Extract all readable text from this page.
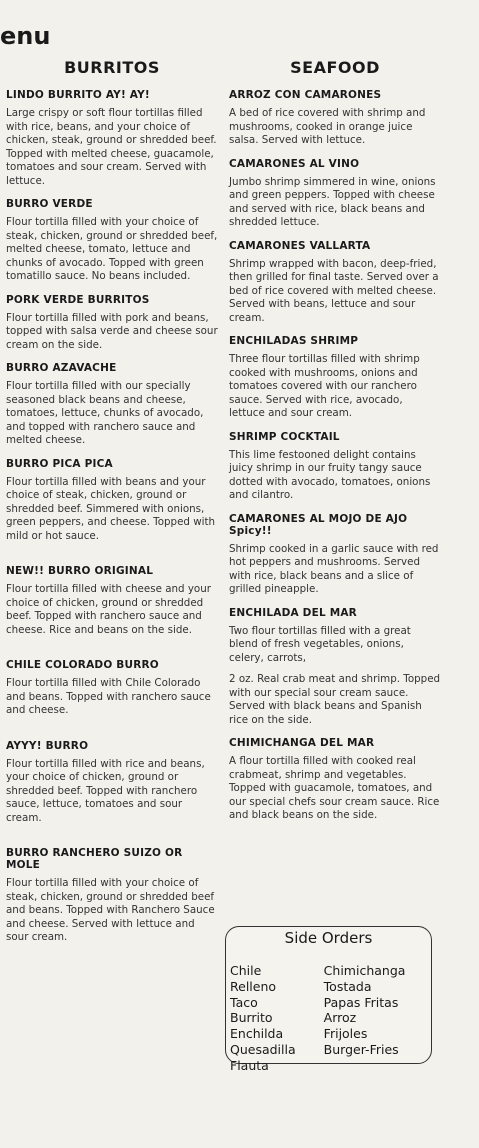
enu
BURRITOS
LINDO BURRITO AY! AY!

Large crispy or soft flour tortillas filled with rice, beans, and your choice of chicken, steak, ground or shredded beef. Topped with melted cheese, guacamole, tomatoes and sour cream. Served with lettuce.

BURRO VERDE

Flour tortilla filled with your choice of steak, chicken, ground or shredded beef, melted cheese, tomato, lettuce and chunks of avocado. Topped with green tomatillo sauce. No beans included.

PORK VERDE BURRITOS

Flour tortilla filled with pork and beans, topped with salsa verde and cheese sour cream on the side.

BURRO AZAVACHE

Flour tortilla filled with our specially seasoned black beans and cheese, tomatoes, lettuce, chunks of avocado, and topped with ranchero sauce and melted cheese.

BURRO PICA PICA

Flour tortilla filled with beans and your choice of steak, chicken, ground or shredded beef. Simmered with onions, green peppers, and cheese. Topped with mild or hot sauce.

NEW!! BURRO ORIGINAL

Flour tortilla filled with cheese and your choice of chicken, ground or shredded beef. Topped with ranchero sauce and cheese. Rice and beans on the side.

CHILE COLORADO BURRO

Flour tortilla filled with Chile Colorado and beans. Topped with ranchero sauce and cheese.

AYYY! BURRO

Flour tortilla filled with rice and beans, your choice of chicken, ground or shredded beef. Topped with ranchero sauce, lettuce, tomatoes and sour cream.

BURRO RANCHERO SUIZO OR MOLE

Flour tortilla filled with your choice of steak, chicken, ground or shredded beef and beans. Topped with Ranchero Sauce and cheese. Served with lettuce and sour cream.

SEAFOOD
ARROZ CON CAMARONES

A bed of rice covered with shrimp and mushrooms, cooked in orange juice salsa. Served with lettuce.

CAMARONES AL VINO

Jumbo shrimp simmered in wine, onions and green peppers. Topped with cheese and served with rice, black beans and shredded lettuce.

CAMARONES VALLARTA

Shrimp wrapped with bacon, deep-fried, then grilled for final taste. Served over a bed of rice covered with melted cheese. Served with beans, lettuce and sour cream.

ENCHILADAS SHRIMP

Three flour tortillas filled with shrimp cooked with mushrooms, onions and tomatoes covered with our ranchero sauce. Served with rice, avocado, lettuce and sour cream.

SHRIMP COCKTAIL

This lime festooned delight contains juicy shrimp in our fruity tangy sauce dotted with avocado, tomatoes, onions and cilantro.

CAMARONES AL MOJO DE AJO Spicy!!

Shrimp cooked in a garlic sauce with red hot peppers and mushrooms. Served with rice, black beans and a slice of grilled pineapple.

ENCHILADA DEL MAR

Two flour tortillas filled with a great blend of fresh vegetables, onions, celery, carrots,

2 oz. Real crab meat and shrimp. Topped with our special sour cream sauce. Served with black beans and Spanish rice on the side.

CHIMICHANGA DEL MAR

A flour tortilla filled with cooked real crabmeat, shrimp and vegetables. Topped with guacamole, tomatoes, and our special chefs sour cream sauce. Rice and black beans on the side.

Side Orders
Chile
Relleno
Taco
Burrito
Enchilda
Quesadilla
Flauta
Chimichanga
Tostada
Papas Fritas
Arroz
Frijoles
Burger-Fries
